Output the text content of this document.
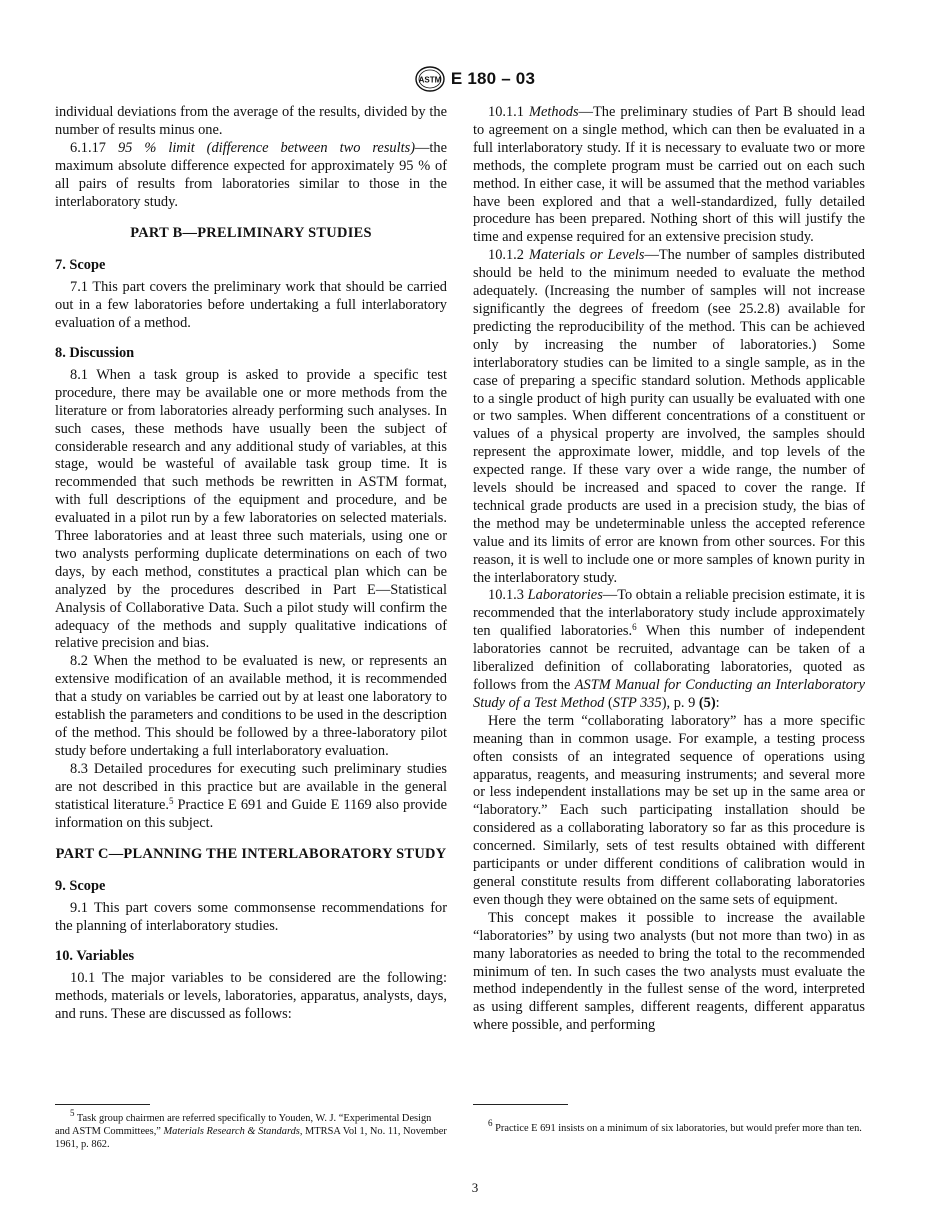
ASTM E 180 – 03

individual deviations from the average of the results, divided by the number of results minus one.

6.1.17 95 % limit (difference between two results)—the maximum absolute difference expected for approximately 95 % of all pairs of results from laboratories similar to those in the interlaboratory study.

PART B—PRELIMINARY STUDIES

7. Scope

7.1 This part covers the preliminary work that should be carried out in a few laboratories before undertaking a full interlaboratory evaluation of a method.

8. Discussion

8.1 When a task group is asked to provide a specific test procedure, there may be available one or more methods from the literature or from laboratories already performing such analyses. In such cases, these methods have usually been the subject of considerable research and any additional study of variables, at this stage, would be wasteful of available task group time. It is recommended that such methods be rewritten in ASTM format, with full descriptions of the equipment and procedure, and be evaluated in a pilot run by a few laboratories on selected materials. Three laboratories and at least three such materials, using one or two analysts performing duplicate determinations on each of two days, by each method, constitutes a practical plan which can be analyzed by the procedures described in Part E—Statistical Analysis of Collaborative Data. Such a pilot study will confirm the adequacy of the methods and supply qualitative indications of relative precision and bias.

8.2 When the method to be evaluated is new, or represents an extensive modification of an available method, it is recommended that a study on variables be carried out by at least one laboratory to establish the parameters and conditions to be used in the description of the method. This should be followed by a three-laboratory pilot study before undertaking a full interlaboratory evaluation.

8.3 Detailed procedures for executing such preliminary studies are not described in this practice but are available in the general statistical literature.$^5$ Practice E 691 and Guide E 1169 also provide information on this subject.

PART C—PLANNING THE INTERLABORATORY STUDY

9. Scope

9.1 This part covers some commonsense recommendations for the planning of interlaboratory studies.

10. Variables

10.1 The major variables to be considered are the following: methods, materials or levels, laboratories, apparatus, analysts, days, and runs. These are discussed as follows:

10.1.1 Methods—The preliminary studies of Part B should lead to agreement on a single method, which can then be evaluated in a full interlaboratory study. If it is necessary to evaluate two or more methods, the complete program must be carried out on each such method. In either case, it will be assumed that the method variables have been explored and that a well-standardized, fully detailed procedure has been prepared. Nothing short of this will justify the time and expense required for an extensive precision study.

10.1.2 Materials or Levels—The number of samples distributed should be held to the minimum needed to evaluate the method adequately. (Increasing the number of samples will not increase significantly the degrees of freedom (see 25.2.8) available for predicting the reproducibility of the method. This can be achieved only by increasing the number of laboratories.) Some interlaboratory studies can be limited to a single sample, as in the case of preparing a specific standard solution. Methods applicable to a single product of high purity can usually be evaluated with one or two samples. When different concentrations of a constituent or values of a physical property are involved, the samples should represent the approximate lower, middle, and top levels of the expected range. If these vary over a wide range, the number of levels should be increased and spaced to cover the range. If technical grade products are used in a precision study, the bias of the method may be undeterminable unless the accepted reference value and its limits of error are known from other sources. For this reason, it is well to include one or more samples of known purity in the interlaboratory study.

10.1.3 Laboratories—To obtain a reliable precision estimate, it is recommended that the interlaboratory study include approximately ten qualified laboratories.$^6$ When this number of independent laboratories cannot be recruited, advantage can be taken of a liberalized definition of collaborating laboratories, quoted as follows from the ASTM Manual for Conducting an Interlaboratory Study of a Test Method (STP 335), p. 9 (5):

Here the term “collaborating laboratory” has a more specific meaning than in common usage. For example, a testing process often consists of an integrated sequence of operations using apparatus, reagents, and measuring instruments; and several more or less independent installations may be set up in the same area or “laboratory.” Each such participating installation should be considered as a collaborating laboratory so far as this procedure is concerned. Similarly, sets of test results obtained with different participants or under different conditions of calibration would in general constitute results from different collaborating laboratories even though they were obtained on the same sets of equipment.

This concept makes it possible to increase the available “laboratories” by using two analysts (but not more than two) in as many laboratories as needed to bring the total to the recommended minimum of ten. In such cases the two analysts must evaluate the method independently in the fullest sense of the word, interpreted as using different samples, different reagents, different apparatus where possible, and performing

$^5$ Task group chairmen are referred specifically to Youden, W. J. “Experimental Design and ASTM Committees,” Materials Research & Standards, MTRSA Vol 1, No. 11, November 1961, p. 862.

$^6$ Practice E 691 insists on a minimum of six laboratories, but would prefer more than ten.

3
